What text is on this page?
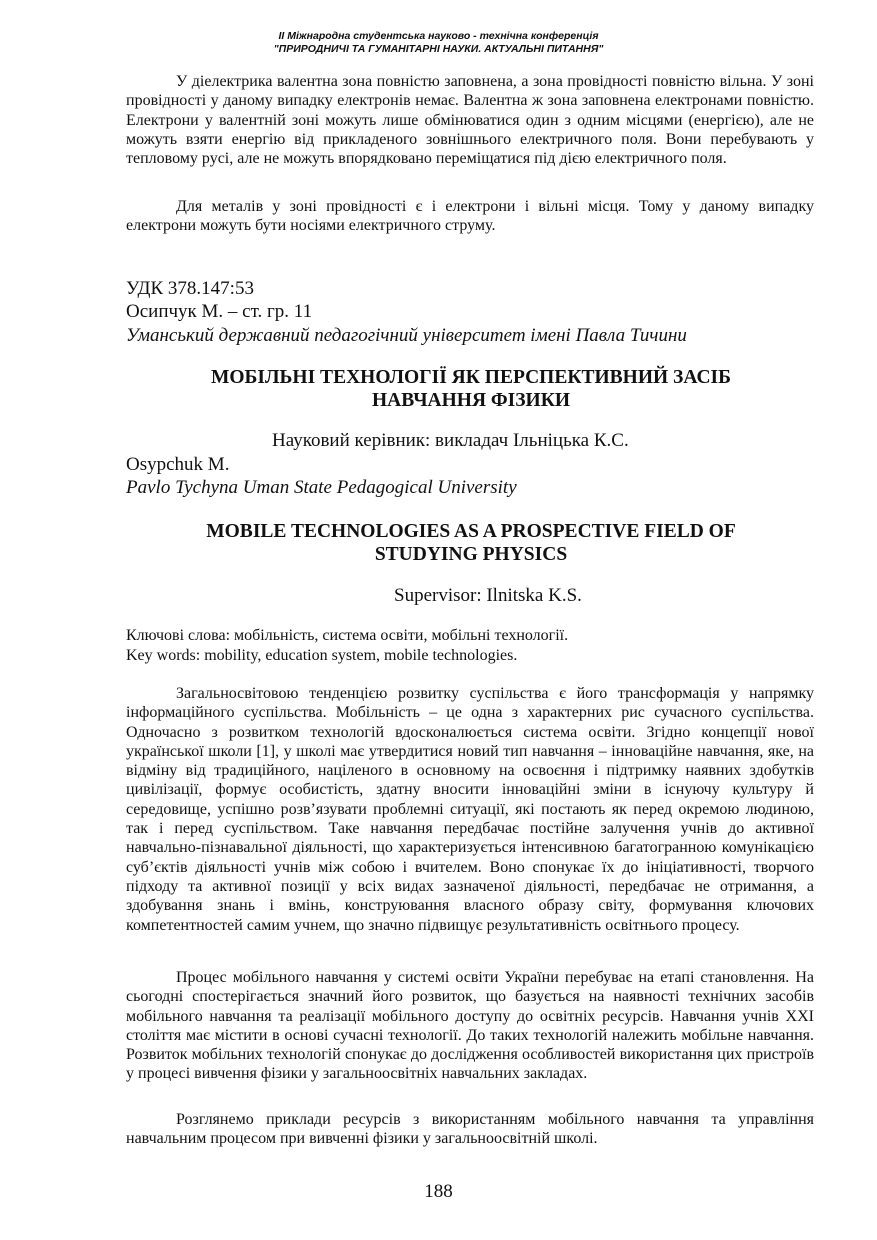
II Міжнародна студентська науково - технічна конференція
"ПРИРОДНИЧІ ТА ГУМАНІТАРНІ НАУКИ. АКТУАЛЬНІ ПИТАННЯ"
У діелектрика валентна зона повністю заповнена, а зона провідності повністю вільна. У зоні провідності у даному випадку електронів немає. Валентна ж зона заповнена електронами повністю. Електрони у валентній зоні можуть лише обмінюватися один з одним місцями (енергією), але не можуть взяти енергію від прикладеного зовнішнього електричного поля. Вони перебувають у тепловому русі, але не можуть впорядковано переміщатися під дією електричного поля.
Для металів у зоні провідності є і електрони і вільні місця. Тому у даному випадку електрони можуть бути носіями електричного струму.
УДК 378.147:53
Осипчук М. – ст. гр. 11
Уманський державний педагогічний університет імені Павла Тичини
МОБІЛЬНІ ТЕХНОЛОГІЇ ЯК ПЕРСПЕКТИВНИЙ ЗАСІБ
НАВЧАННЯ ФІЗИКИ
Науковий керівник: викладач Ільніцька К.С.
Osypchuk M.
Pavlo Tychyna Uman State Pedagogical University
MOBILE TECHNOLOGIES AS A PROSPECTIVE FIELD OF
STUDYING PHYSICS
Supervisor: Ilnitska K.S.
Ключові слова: мобільність, система освіти, мобільні технології.
Key words: mobility, education system, mobile technologies.
Загальносвітовою тенденцією розвитку суспільства є його трансформація у напрямку інформаційного суспільства. Мобільність – це одна з характерних рис сучасного суспільства. Одночасно з розвитком технологій вдосконалюється система освіти. Згідно концепції нової української школи [1], у школі має утвердитися новий тип навчання – інноваційне навчання, яке, на відміну від традиційного, націленого в основному на освоєння і підтримку наявних здобутків цивілізації, формує особистість, здатну вносити інноваційні зміни в існуючу культуру й середовище, успішно розв’язувати проблемні ситуації, які постають як перед окремою людиною, так і перед суспільством. Таке навчання передбачає постійне залучення учнів до активної навчально-пізнавальної діяльності, що характеризується інтенсивною багатогранною комунікацією суб’єктів діяльності учнів між собою і вчителем. Воно спонукає їх до ініціативності, творчого підходу та активної позиції у всіх видах зазначеної діяльності, передбачає не отримання, а здобування знань і вмінь, конструювання власного образу світу, формування ключових компетентностей самим учнем, що значно підвищує результативність освітнього процесу.
Процес мобільного навчання у системі освіти України перебуває на етапі становлення. На сьогодні спостерігається значний його розвиток, що базується на наявності технічних засобів мобільного навчання та реалізації мобільного доступу до освітніх ресурсів. Навчання учнів XXI століття має містити в основі сучасні технології. До таких технологій належить мобільне навчання. Розвиток мобільних технологій спонукає до дослідження особливостей використання цих пристроїв у процесі вивчення фізики у загальноосвітніх навчальних закладах.
Розглянемо приклади ресурсів з використанням мобільного навчання та управління навчальним процесом при вивченні фізики у загальноосвітній школі.
188
